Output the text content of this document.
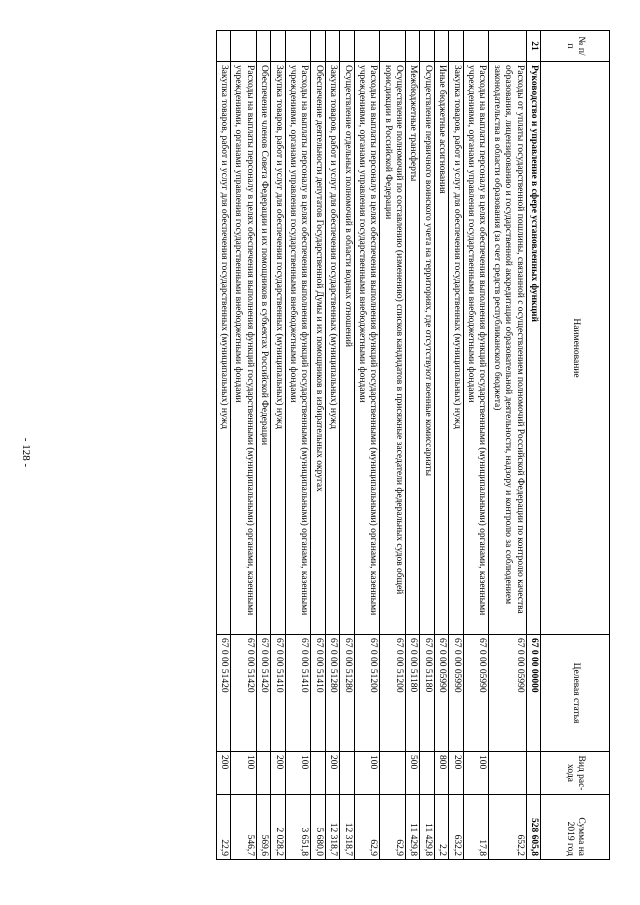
№ п/п	Наименование	Целевая статья	Вид рас-хода	Сумма на 2019 год
21	Руководство и управление в сфере установленных функций	67 0 00 00000		528 605,8
	Расходы от уплаты государственной пошлины, связанной с осуществлением полномочий Российской Федерации по контролю качества образования, лицензированию и государственной аккредитации образовательной деятельности, надзору и контролю за соблюдением законодательства в области образования (за счет средств республиканского бюджета)	67 0 00 05990		652,2
	Расходы на выплаты персоналу в целях обеспечения выполнения функций государственными (муниципальными) органами, казенными учреждениями, органами управления государственными внебюджетными фондами	67 0 00 05990	100	17,8
	Закупка товаров, работ и услуг для обеспечения государственных (муниципальных) нужд	67 0 00 05990	200	632,2
	Иные бюджетные ассигнования	67 0 00 05990	800	2,2
	Осуществление первичного воинского учета на территориях, где отсутствуют военные комиссариаты	67 0 00 51180		11 429,8
	Межбюджетные трансферты	67 0 00 51180	500	11 429,8
	Осуществление полномочий по составлению (изменению) списков кандидатов в присяжные заседатели федеральных судов общей юрисдикции в Российской Федерации	67 0 00 51200		62,9
	Расходы на выплаты персоналу в целях обеспечения выполнения функций государственными (муниципальными) органами, казенными учреждениями, органами управления государственными внебюджетными фондами	67 0 00 51200	100	62,9
	Осуществление отдельных полномочий в области водных отношений	67 0 00 51280		12 318,7
	Закупка товаров, работ и услуг для обеспечения государственных (муниципальных) нужд	67 0 00 51280	200	12 318,7
	Обеспечение деятельности депутатов Государственной Думы и их помощников в избирательных округах	67 0 00 51410		5 680,0
	Расходы на выплаты персоналу в целях обеспечения выполнения функций государственными (муниципальными) органами, казенными учреждениями, органами управления государственными внебюджетными фондами	67 0 00 51410	100	3 651,8
	Закупка товаров, работ и услуг для обеспечения государственных (муниципальных) нужд	67 0 00 51410	200	2 028,2
	Обеспечение членов Совета Федерации и их помощников в субъектах Российской Федерации	67 0 00 51420		569,6
	Расходы на выплаты персоналу в целях обеспечения выполнения функций государственными (муниципальными) органами, казенными учреждениями, органами управления государственными внебюджетными фондами	67 0 00 51420	100	546,7
	Закупка товаров, работ и услуг для обеспечения государственных (муниципальных) нужд	67 0 00 51420	200	22,9
- 128 -
